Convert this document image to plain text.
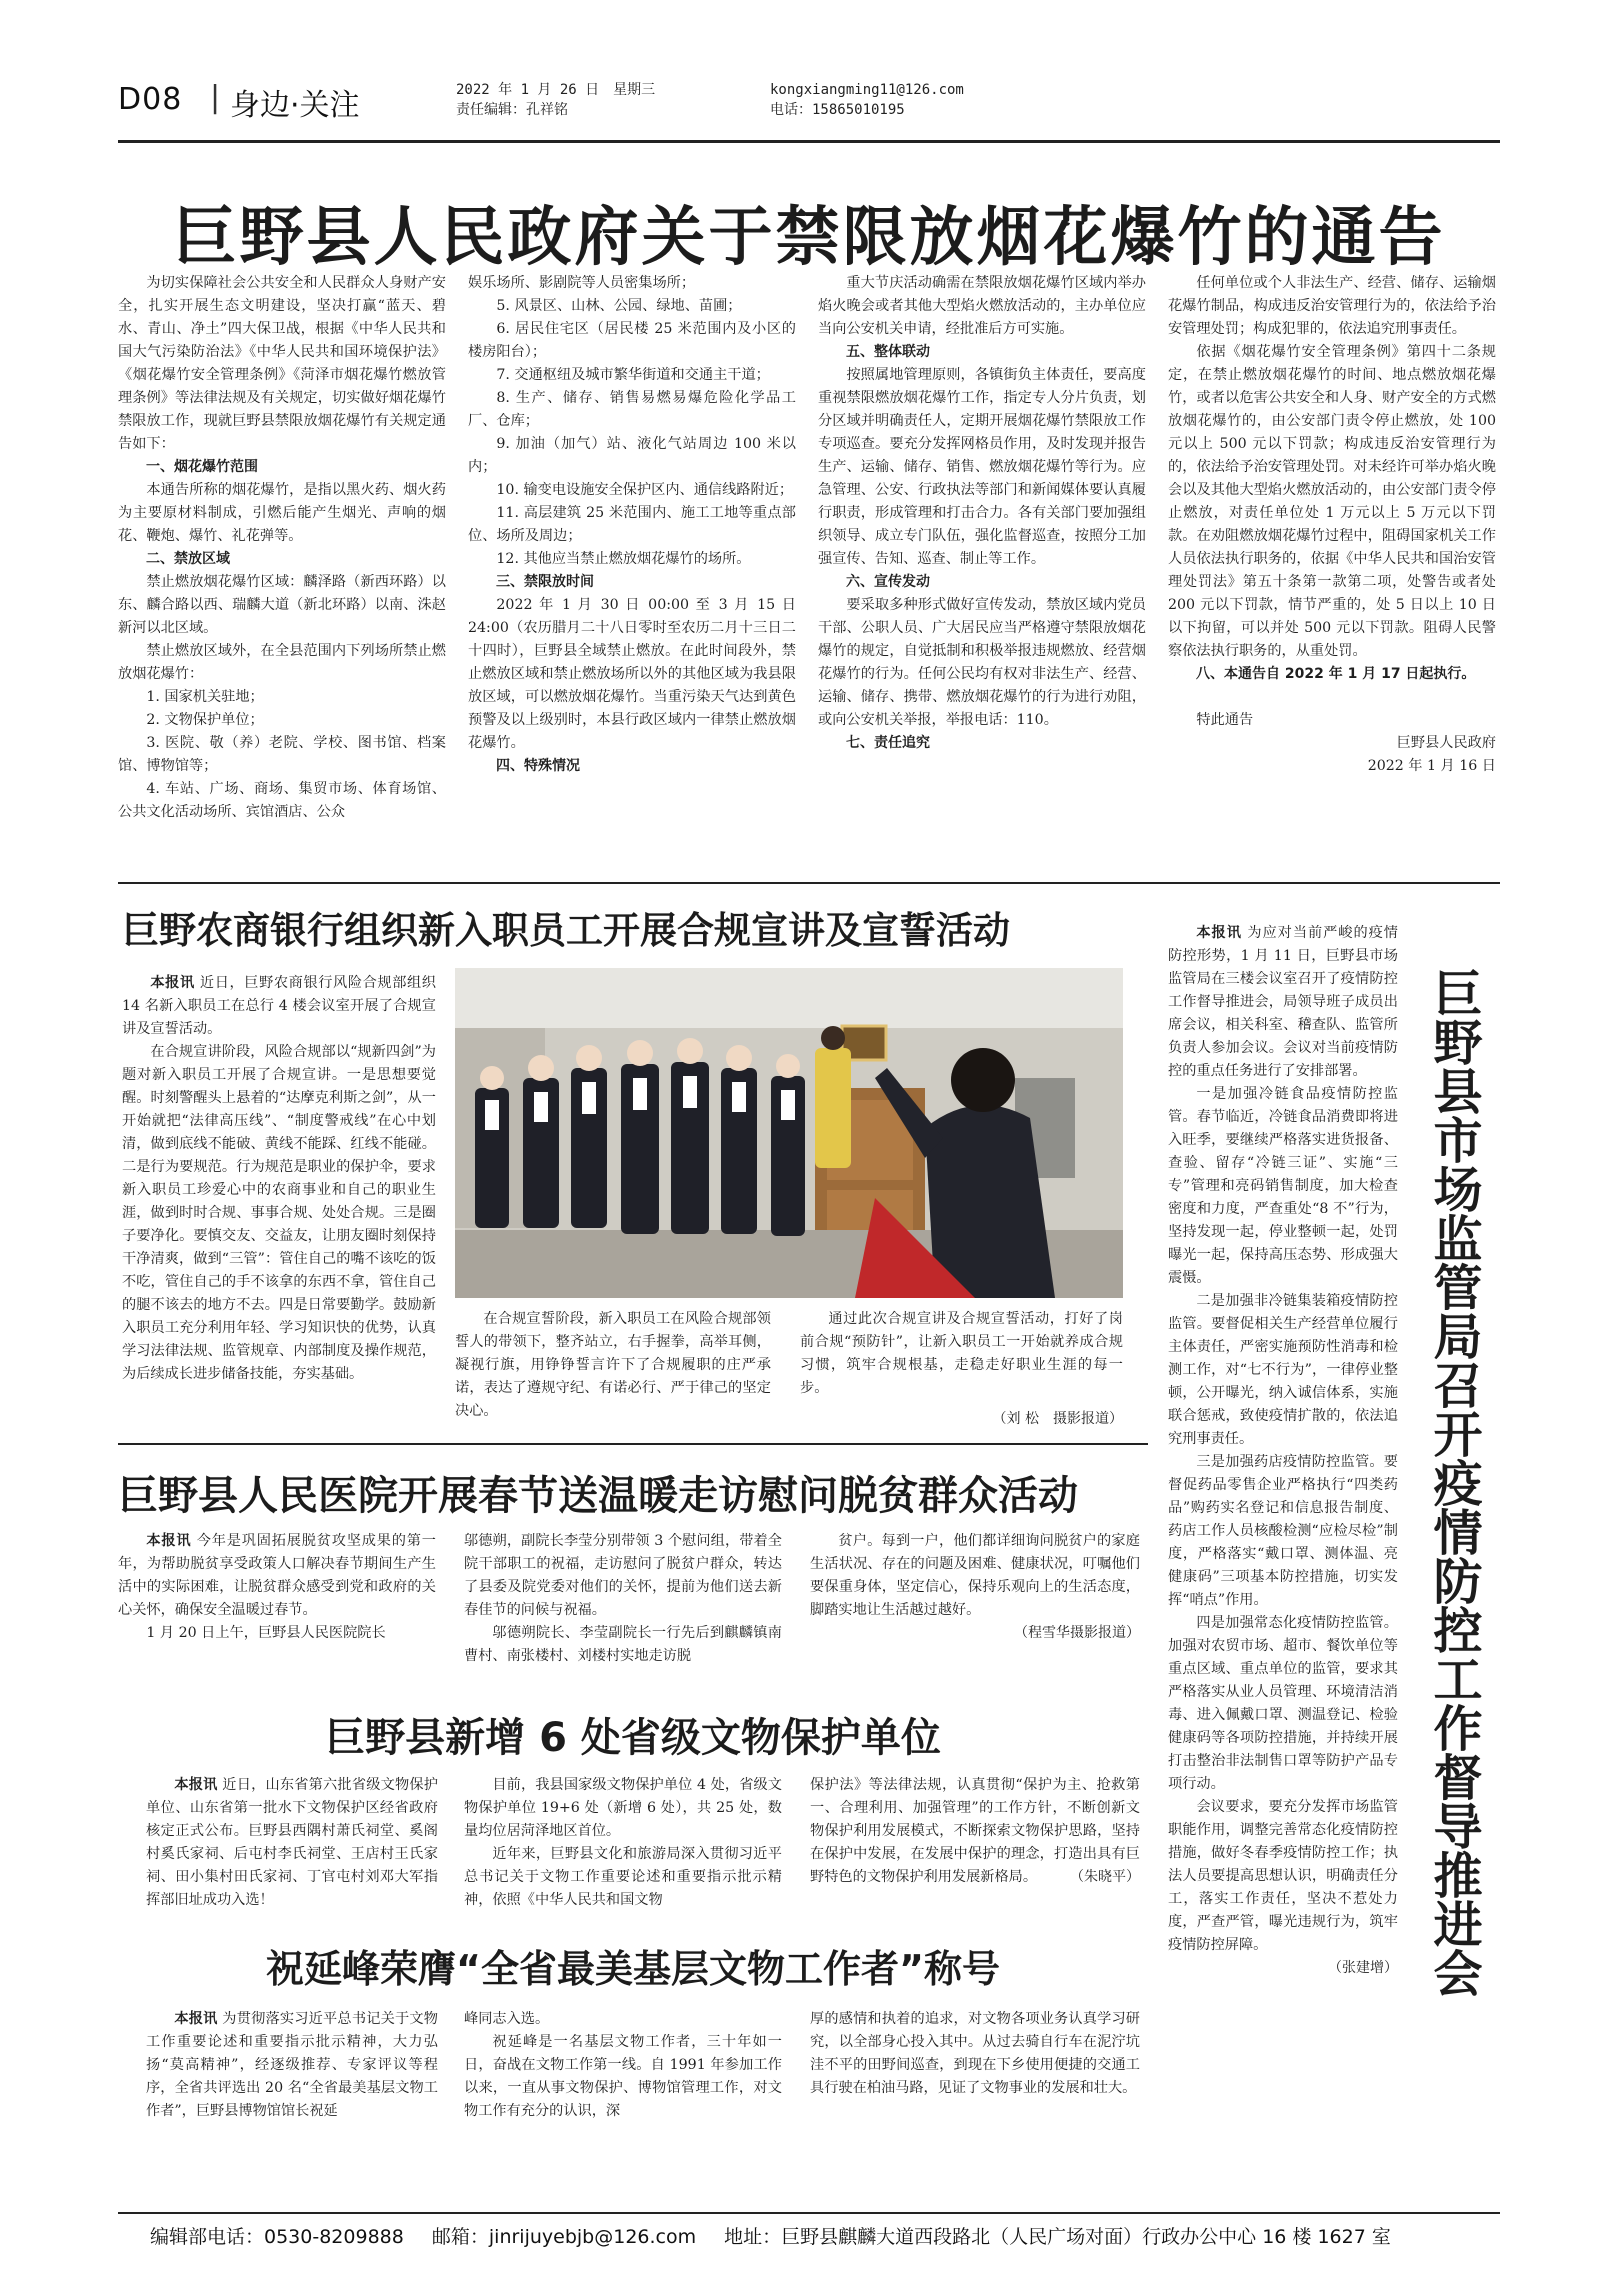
D08 | 身边·关注	2022 年 1 月 26 日　星期三
责任编辑：孔祥铭
kongxiangming11@126.com
电话：15865010195
巨野县人民政府关于禁限放烟花爆竹的通告

为切实保障社会公共安全和人民群众人身财产安全，扎实开展生态文明建设，坚决打赢“蓝天、碧水、青山、净土”四大保卫战，根据《中华人民共和国大气污染防治法》《中华人民共和国环境保护法》《烟花爆竹安全管理条例》《菏泽市烟花爆竹燃放管理条例》等法律法规及有关规定，切实做好烟花爆竹禁限放工作，现就巨野县禁限放烟花爆竹有关规定通告如下：

一、烟花爆竹范围

本通告所称的烟花爆竹，是指以黑火药、烟火药为主要原材料制成，引燃后能产生烟光、声响的烟花、鞭炮、爆竹、礼花弹等。

二、禁放区域

禁止燃放烟花爆竹区域：麟泽路（新西环路）以东、麟合路以西、瑞麟大道（新北环路）以南、洙赵新河以北区域。

禁止燃放区域外，在全县范围内下列场所禁止燃放烟花爆竹：

1. 国家机关驻地；

2. 文物保护单位；

3. 医院、敬（养）老院、学校、图书馆、档案馆、博物馆等；

4. 车站、广场、商场、集贸市场、体育场馆、公共文化活动场所、宾馆酒店、公众

娱乐场所、影剧院等人员密集场所；

5. 风景区、山林、公园、绿地、苗圃；

6. 居民住宅区（居民楼 25 米范围内及小区的楼房阳台）；

7. 交通枢纽及城市繁华街道和交通主干道；

8. 生产、储存、销售易燃易爆危险化学品工厂、仓库；

9. 加油（加气）站、液化气站周边 100 米以内；

10. 输变电设施安全保护区内、通信线路附近；

11. 高层建筑 25 米范围内、施工工地等重点部位、场所及周边；

12. 其他应当禁止燃放烟花爆竹的场所。

三、禁限放时间

2022 年 1 月 30 日 00:00 至 3 月 15 日 24:00（农历腊月二十八日零时至农历二月十三日二十四时），巨野县全域禁止燃放。在此时间段外，禁止燃放区域和禁止燃放场所以外的其他区域为我县限放区域，可以燃放烟花爆竹。当重污染天气达到黄色预警及以上级别时，本县行政区域内一律禁止燃放烟花爆竹。

四、特殊情况

重大节庆活动确需在禁限放烟花爆竹区域内举办焰火晚会或者其他大型焰火燃放活动的，主办单位应当向公安机关申请，经批准后方可实施。

五、整体联动

按照属地管理原则，各镇街负主体责任，要高度重视禁限燃放烟花爆竹工作，指定专人分片负责，划分区域并明确责任人，定期开展烟花爆竹禁限放工作专项巡查。要充分发挥网格员作用，及时发现并报告生产、运输、储存、销售、燃放烟花爆竹等行为。应急管理、公安、行政执法等部门和新闻媒体要认真履行职责，形成管理和打击合力。各有关部门要加强组织领导、成立专门队伍，强化监督巡查，按照分工加强宣传、告知、巡查、制止等工作。

六、宣传发动

要采取多种形式做好宣传发动，禁放区域内党员干部、公职人员、广大居民应当严格遵守禁限放烟花爆竹的规定，自觉抵制和积极举报违规燃放、经营烟花爆竹的行为。任何公民均有权对非法生产、经营、运输、储存、携带、燃放烟花爆竹的行为进行劝阻，或向公安机关举报，举报电话：110。

七、责任追究

任何单位或个人非法生产、经营、储存、运输烟花爆竹制品，构成违反治安管理行为的，依法给予治安管理处罚；构成犯罪的，依法追究刑事责任。

依据《烟花爆竹安全管理条例》第四十二条规定，在禁止燃放烟花爆竹的时间、地点燃放烟花爆竹，或者以危害公共安全和人身、财产安全的方式燃放烟花爆竹的，由公安部门责令停止燃放，处 100 元以上 500 元以下罚款；构成违反治安管理行为的，依法给予治安管理处罚。对未经许可举办焰火晚会以及其他大型焰火燃放活动的，由公安部门责令停止燃放，对责任单位处 1 万元以上 5 万元以下罚款。在劝阻燃放烟花爆竹过程中，阻碍国家机关工作人员依法执行职务的，依据《中华人民共和国治安管理处罚法》第五十条第一款第二项，处警告或者处 200 元以下罚款，情节严重的，处 5 日以上 10 日以下拘留，可以并处 500 元以下罚款。阻碍人民警察依法执行职务的，从重处罚。

八、本通告自 2022 年 1 月 17 日起执行。

特此通告

巨野县人民政府

2022 年 1 月 16 日

巨野农商银行组织新入职员工开展合规宣讲及宣誓活动

本报讯 近日，巨野农商银行风险合规部组织 14 名新入职员工在总行 4 楼会议室开展了合规宣讲及宣誓活动。

在合规宣讲阶段，风险合规部以“规新四剑”为题对新入职员工开展了合规宣讲。一是思想要觉醒。时刻警醒头上悬着的“达摩克利斯之剑”，从一开始就把“法律高压线”、“制度警戒线”在心中划清，做到底线不能破、黄线不能踩、红线不能碰。二是行为要规范。行为规范是职业的保护伞，要求新入职员工珍爱心中的农商事业和自己的职业生涯，做到时时合规、事事合规、处处合规。三是圈子要净化。要慎交友、交益友，让朋友圈时刻保持干净清爽，做到“三管”：管住自己的嘴不该吃的饭不吃，管住自己的手不该拿的东西不拿，管住自己的腿不该去的地方不去。四是日常要勤学。鼓励新入职员工充分利用年轻、学习知识快的优势，认真学习法律法规、监管规章、内部制度及操作规范，为后续成长进步储备技能，夯实基础。

在合规宣誓阶段，新入职员工在风险合规部领誓人的带领下，整齐站立，右手握拳，高举耳侧，凝视行旗，用铮铮誓言许下了合规履职的庄严承诺，表达了遵规守纪、有诺必行、严于律己的坚定决心。

通过此次合规宣讲及合规宣誓活动，打好了岗前合规“预防针”，让新入职员工一开始就养成合规习惯，筑牢合规根基，走稳走好职业生涯的每一步。

（刘 松　摄影报道）

本报讯 为应对当前严峻的疫情防控形势，1 月 11 日，巨野县市场监管局在三楼会议室召开了疫情防控工作督导推进会，局领导班子成员出席会议，相关科室、稽查队、监管所负责人参加会议。会议对当前疫情防控的重点任务进行了安排部署。

一是加强冷链食品疫情防控监管。春节临近，冷链食品消费即将进入旺季，要继续严格落实进货报备、查验、留存“冷链三证”、实施“三专”管理和亮码销售制度，加大检查密度和力度，严查重处“8 不”行为，坚持发现一起，停业整顿一起，处罚曝光一起，保持高压态势、形成强大震慑。

二是加强非冷链集装箱疫情防控监管。要督促相关生产经营单位履行主体责任，严密实施预防性消毒和检测工作，对“七不行为”，一律停业整顿，公开曝光，纳入诚信体系，实施联合惩戒，致使疫情扩散的，依法追究刑事责任。

三是加强药店疫情防控监管。要督促药品零售企业严格执行“四类药品”购药实名登记和信息报告制度、药店工作人员核酸检测“应检尽检”制度，严格落实“戴口罩、测体温、亮健康码”三项基本防控措施，切实发挥“哨点”作用。

四是加强常态化疫情防控监管。加强对农贸市场、超市、餐饮单位等重点区域、重点单位的监管，要求其严格落实从业人员管理、环境清洁消毒、进入佩戴口罩、测温登记、检验健康码等各项防控措施，并持续开展打击整治非法制售口罩等防护产品专项行动。

会议要求，要充分发挥市场监管职能作用，调整完善常态化疫情防控措施，做好冬春季疫情防控工作；执法人员要提高思想认识，明确责任分工，落实工作责任，坚决不惹处力度，严查严管，曝光违规行为，筑牢疫情防控屏障。

（张建增）
巨野县市场监管局召开疫情防控工作督导推进会
巨野县人民医院开展春节送温暖走访慰问脱贫群众活动

本报讯 今年是巩固拓展脱贫攻坚成果的第一年，为帮助脱贫享受政策人口解决春节期间生产生活中的实际困难，让脱贫群众感受到党和政府的关心关怀，确保安全温暖过春节。

1 月 20 日上午，巨野县人民医院院长

邬德朔，副院长李莹分别带领 3 个慰问组，带着全院干部职工的祝福，走访慰问了脱贫户群众，转达了县委及院党委对他们的关怀，提前为他们送去新春佳节的问候与祝福。

邬德朔院长、李莹副院长一行先后到麒麟镇南曹村、南张楼村、刘楼村实地走访脱

贫户。每到一户，他们都详细询问脱贫户的家庭生活状况、存在的问题及困难、健康状况，叮嘱他们要保重身体，坚定信心，保持乐观向上的生活态度，脚踏实地让生活越过越好。

（程雪华摄影报道）
巨野县新增 6 处省级文物保护单位

本报讯 近日，山东省第六批省级文物保护单位、山东省第一批水下文物保护区经省政府核定正式公布。巨野县西隅村萧氏祠堂、奚阁村奚氏家祠、后屯村李氏祠堂、王店村王氏家祠、田小集村田氏家祠、丁官屯村刘邓大军指挥部旧址成功入选！

目前，我县国家级文物保护单位 4 处，省级文物保护单位 19+6 处（新增 6 处），共 25 处，数量均位居菏泽地区首位。

近年来，巨野县文化和旅游局深入贯彻习近平总书记关于文物工作重要论述和重要指示批示精神，依照《中华人民共和国文物

保护法》等法律法规，认真贯彻“保护为主、抢救第一、合理利用、加强管理”的工作方针，不断创新文物保护利用发展模式，不断探索文物保护思路，坚持在保护中发展，在发展中保护的理念，打造出具有巨野特色的文物保护利用发展新格局。	（朱晓平）
祝延峰荣膺“全省最美基层文物工作者”称号

本报讯 为贯彻落实习近平总书记关于文物工作重要论述和重要指示批示精神，大力弘扬“莫高精神”，经逐级推荐、专家评议等程序，全省共评选出 20 名“全省最美基层文物工作者”，巨野县博物馆馆长祝延

峰同志入选。

祝延峰是一名基层文物工作者，三十年如一日，奋战在文物工作第一线。自 1991 年参加工作以来，一直从事文物保护、博物馆管理工作，对文物工作有充分的认识，深

厚的感情和执着的追求，对文物各项业务认真学习研究，以全部身心投入其中。从过去骑自行车在泥泞坑洼不平的田野间巡查，到现在下乡使用便捷的交通工具行驶在柏油马路，见证了文物事业的发展和壮大。

编辑部电话：0530-8209888 邮箱：jinrijuyebjb@126.com 地址：巨野县麒麟大道西段路北（人民广场对面）行政办公中心 16 楼 1627 室
